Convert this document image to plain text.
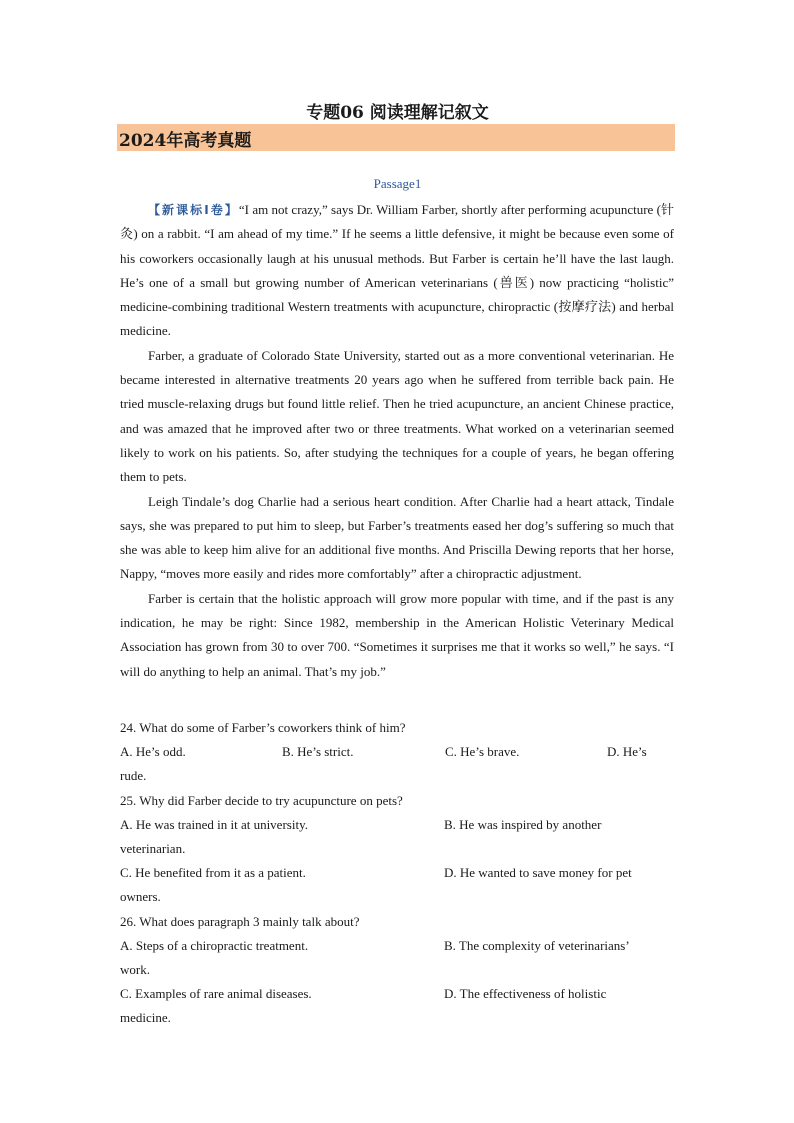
专题06 阅读理解记叙文
2024年高考真题
Passage1

【新课标Ⅰ卷】“I am not crazy,” says Dr. William Farber, shortly after performing acupuncture (针灸) on a rabbit. “I am ahead of my time.” If he seems a little defensive, it might be because even some of his coworkers occasionally laugh at his unusual methods. But Farber is certain he’ll have the last laugh. He’s one of a small but growing number of American veterinarians (兽医) now practicing “holistic” medicine-combining traditional Western treatments with acupuncture, chiropractic (按摩疗法) and herbal medicine.

Farber, a graduate of Colorado State University, started out as a more conventional veterinarian. He became interested in alternative treatments 20 years ago when he suffered from terrible back pain. He tried muscle-relaxing drugs but found little relief. Then he tried acupuncture, an ancient Chinese practice, and was amazed that he improved after two or three treatments. What worked on a veterinarian seemed likely to work on his patients. So, after studying the techniques for a couple of years, he began offering them to pets.

Leigh Tindale’s dog Charlie had a serious heart condition. After Charlie had a heart attack, Tindale says, she was prepared to put him to sleep, but Farber’s treatments eased her dog’s suffering so much that she was able to keep him alive for an additional five months. And Priscilla Dewing reports that her horse, Nappy, “moves more easily and rides more comfortably” after a chiropractic adjustment.

Farber is certain that the holistic approach will grow more popular with time, and if the past is any indication, he may be right: Since 1982, membership in the American Holistic Veterinary Medical Association has grown from 30 to over 700. “Sometimes it surprises me that it works so well,” he says. “I will do anything to help an animal. That’s my job.”

24. What do some of Farber’s coworkers think of him?

A. He’s odd.	B. He’s strict.	C. He’s brave.	D. He’s

rude.

25. Why did Farber decide to try acupuncture on pets?

A. He was trained in it at university.	B. He was inspired by another

veterinarian.

C. He benefited from it as a patient.	D. He wanted to save money for pet

owners.

26. What does paragraph 3 mainly talk about?

A. Steps of a chiropractic treatment.	B. The complexity of veterinarians’

work.

C. Examples of rare animal diseases.	D. The effectiveness of holistic

medicine.
